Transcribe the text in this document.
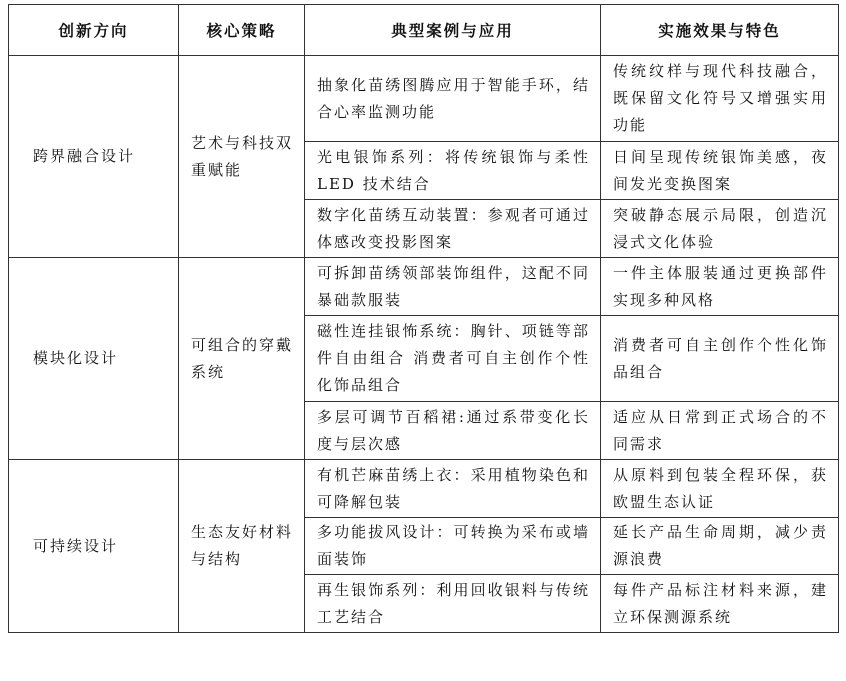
创新方向	核心策略	典型案例与应用	实施效果与特色
跨界融合设计	艺术与科技双重赋能	抽象化苗绣图腾应用于智能手环，结合心率监测功能	传统纹样与现代科技融合，既保留文化符号又增强实用功能
		光电银饰系列：将传统银饰与柔性 LED 技术结合	日间呈现传统银饰美感，夜间发光变换图案
		数字化苗绣互动装置：参观者可通过体感改变投影图案	突破静态展示局限，创造沉浸式文化体验
模块化设计	可组合的穿戴系统	可拆卸苗绣领部装饰组件，这配不同暴础款服装	一件主体服装通过更换部件实现多种风格
		磁性连挂银怖系统：胸针、项链等部件自由组合 消费者可自主创作个性化饰品组合	消费者可自主创作个性化饰品组合
		多层可调节百稻裙:通过系带变化长度与层次感	适应从日常到正式场合的不同需求
可持续设计	生态友好材料与结构	有机芒麻苗绣上衣：采用植物染色和可降解包装	从原料到包装全程环保，获欧盟生态认证
		多功能拔风设计：可转换为采布或墙面装饰	延长产品生命周期，减少责源浪费
		再生银饰系列：利用回收银料与传统工艺结合	每件产品标注材料来源，建立环保测源系统
